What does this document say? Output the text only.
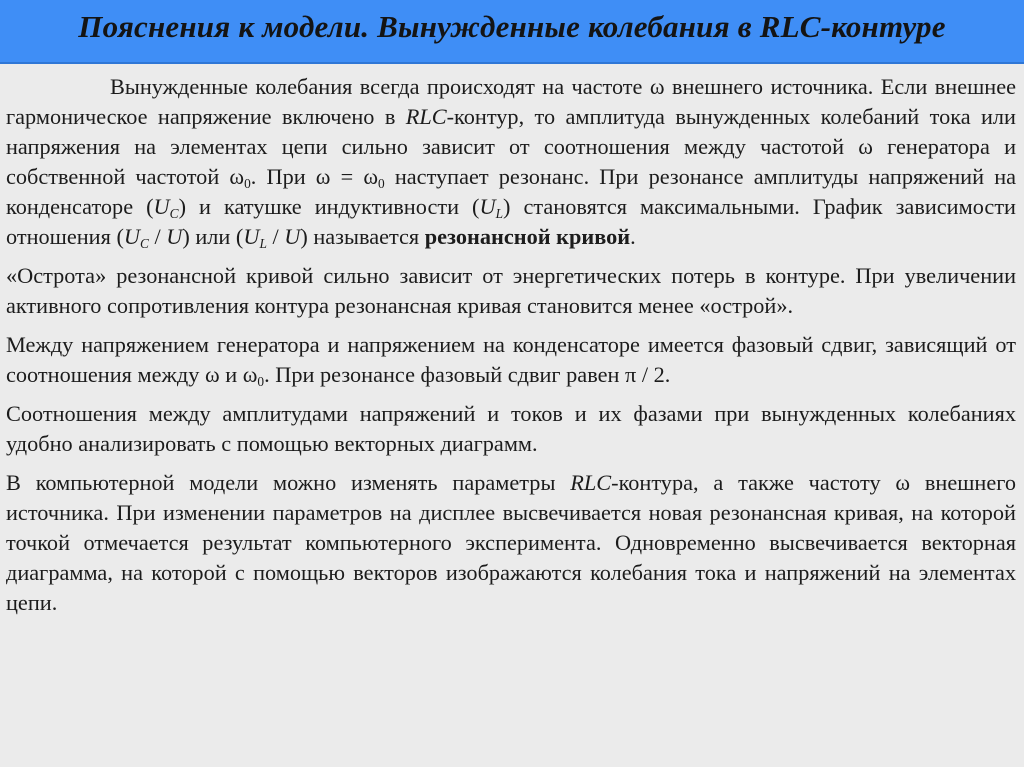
Пояснения к модели. Вынужденные колебания в RLC-контуре

Вынужденные колебания всегда происходят на частоте ω внешнего источника. Если внешнее гармоническое напряжение включено в RLC-контур, то амплитуда вынужденных колебаний тока или напряжения на элементах цепи сильно зависит от соотношения между частотой ω генератора и собственной частотой $\omega_0$. При $\omega = \omega_0$ наступает резонанс. При резонансе амплитуды напряжений на конденсаторе $(U_C)$ и катушке индуктивности $(U_L)$ становятся максимальными. График зависимости отношения $(U_C / U)$ или $(U_L / U)$ называется резонансной кривой.

«Острота» резонансной кривой сильно зависит от энергетических потерь в контуре. При увеличении активного сопротивления контура резонансная кривая становится менее «острой».

Между напряжением генератора и напряжением на конденсаторе имеется фазовый сдвиг, зависящий от соотношения между ω и $\omega_0$. При резонансе фазовый сдвиг равен π / 2.

Соотношения между амплитудами напряжений и токов и их фазами при вынужденных колебаниях удобно анализировать с помощью векторных диаграмм.

В компьютерной модели можно изменять параметры RLC-контура, а также частоту ω внешнего источника. При изменении параметров на дисплее высвечивается новая резонансная кривая, на которой точкой отмечается результат компьютерного эксперимента. Одновременно высвечивается векторная диаграмма, на которой с помощью векторов изображаются колебания тока и напряжений на элементах цепи.
